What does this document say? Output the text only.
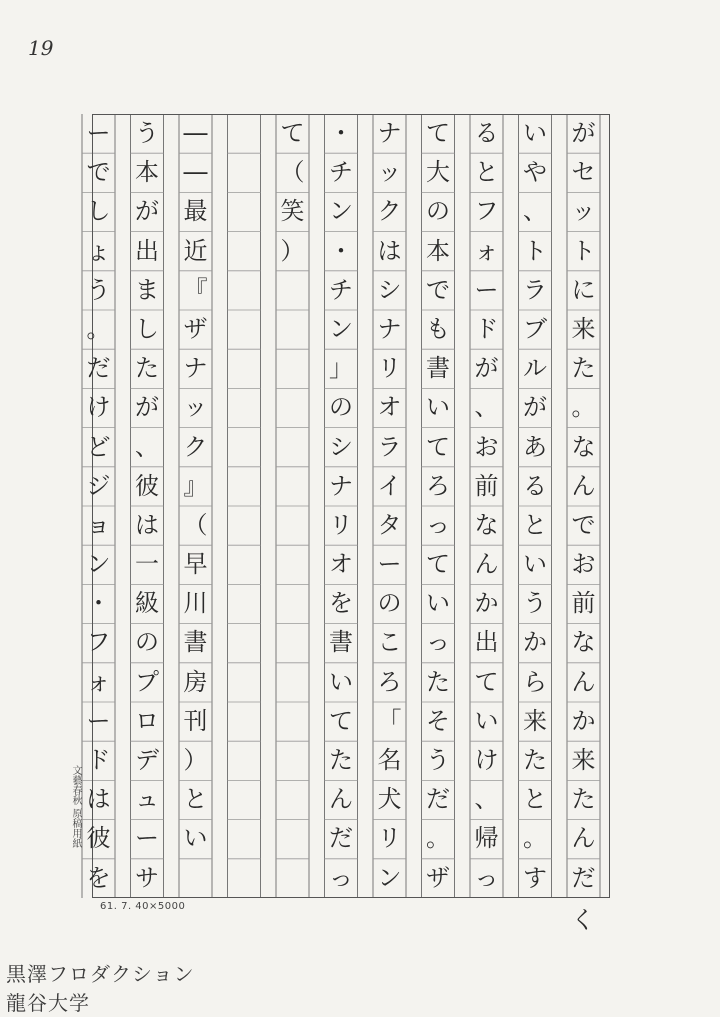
19
が
セ
ッ
ト
に
来
た
。
な
ん
で
お
前
な
ん
か
来
た
ん
だ
い
や
、
ト
ラ
ブ
ル
が
あ
る
と
い
う
か
ら
来
た
と
。
す
る
と
フ
ォ
ー
ド
が
、
お
前
な
ん
か
出
て
い
け
、
帰
っ
て
大
の
本
で
も
書
い
て
ろ
っ
て
い
っ
た
そ
う
だ
。
ザ
ナ
ッ
ク
は
シ
ナ
リ
オ
ラ
イ
タ
ー
の
こ
ろ
「
名
犬
リ
ン
・
チ
ン
・
チ
ン
」
の
シ
ナ
リ
オ
を
書
い
て
た
ん
だ
っ
て
（
笑
）
―
―
最
近
『
ザ
ナ
ッ
ク
』
（
早
川
書
房
刊
）
と
い
う
本
が
出
ま
し
た
が
、
彼
は
一
級
の
プ
ロ
デ
ュ
ー
サ
ー
で
し
ょ
う
。
だ
け
ど
ジ
ョ
ン
・
フ
ォ
ー
ド
は
彼
を
文藝春秋 原稿用紙
61. 7. 40×5000
黒澤フロダクション
龍谷大学
く
